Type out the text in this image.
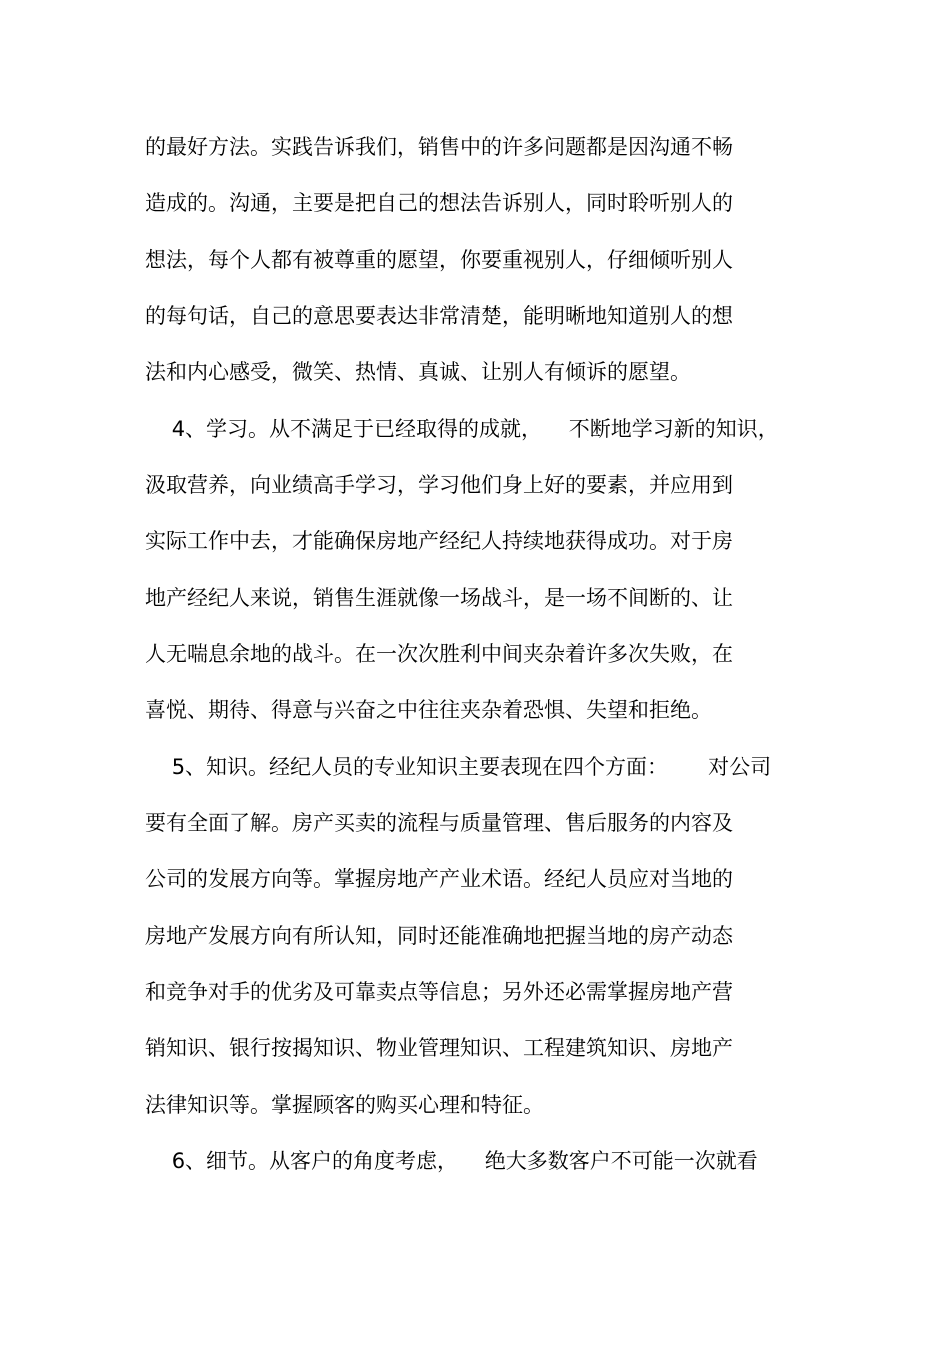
的最好方法。实践告诉我们，销售中的许多问题都是因沟通不畅
造成的。沟通，主要是把自己的想法告诉别人，同时聆听别人的
想法，每个人都有被尊重的愿望，你要重视别人，仔细倾听别人
的每句话，自己的意思要表达非常清楚，能明晰地知道别人的想
法和内心感受，微笑、热情、真诚、让别人有倾诉的愿望。
4、学习。从不满足于已经取得的成就，    不断地学习新的知识，
汲取营养，向业绩高手学习，学习他们身上好的要素，并应用到
实际工作中去，才能确保房地产经纪人持续地获得成功。对于房
地产经纪人来说，销售生涯就像一场战斗，是一场不间断的、让
人无喘息余地的战斗。在一次次胜利中间夹杂着许多次失败，在
喜悦、期待、得意与兴奋之中往往夹杂着恐惧、失望和拒绝。
5、知识。经纪人员的专业知识主要表现在四个方面：      对公司
要有全面了解。房产买卖的流程与质量管理、售后服务的内容及
公司的发展方向等。掌握房地产产业术语。经纪人员应对当地的
房地产发展方向有所认知，同时还能准确地把握当地的房产动态
和竞争对手的优劣及可靠卖点等信息；另外还必需掌握房地产营
销知识、银行按揭知识、物业管理知识、工程建筑知识、房地产
法律知识等。掌握顾客的购买心理和特征。
6、细节。从客户的角度考虑，    绝大多数客户不可能一次就看
